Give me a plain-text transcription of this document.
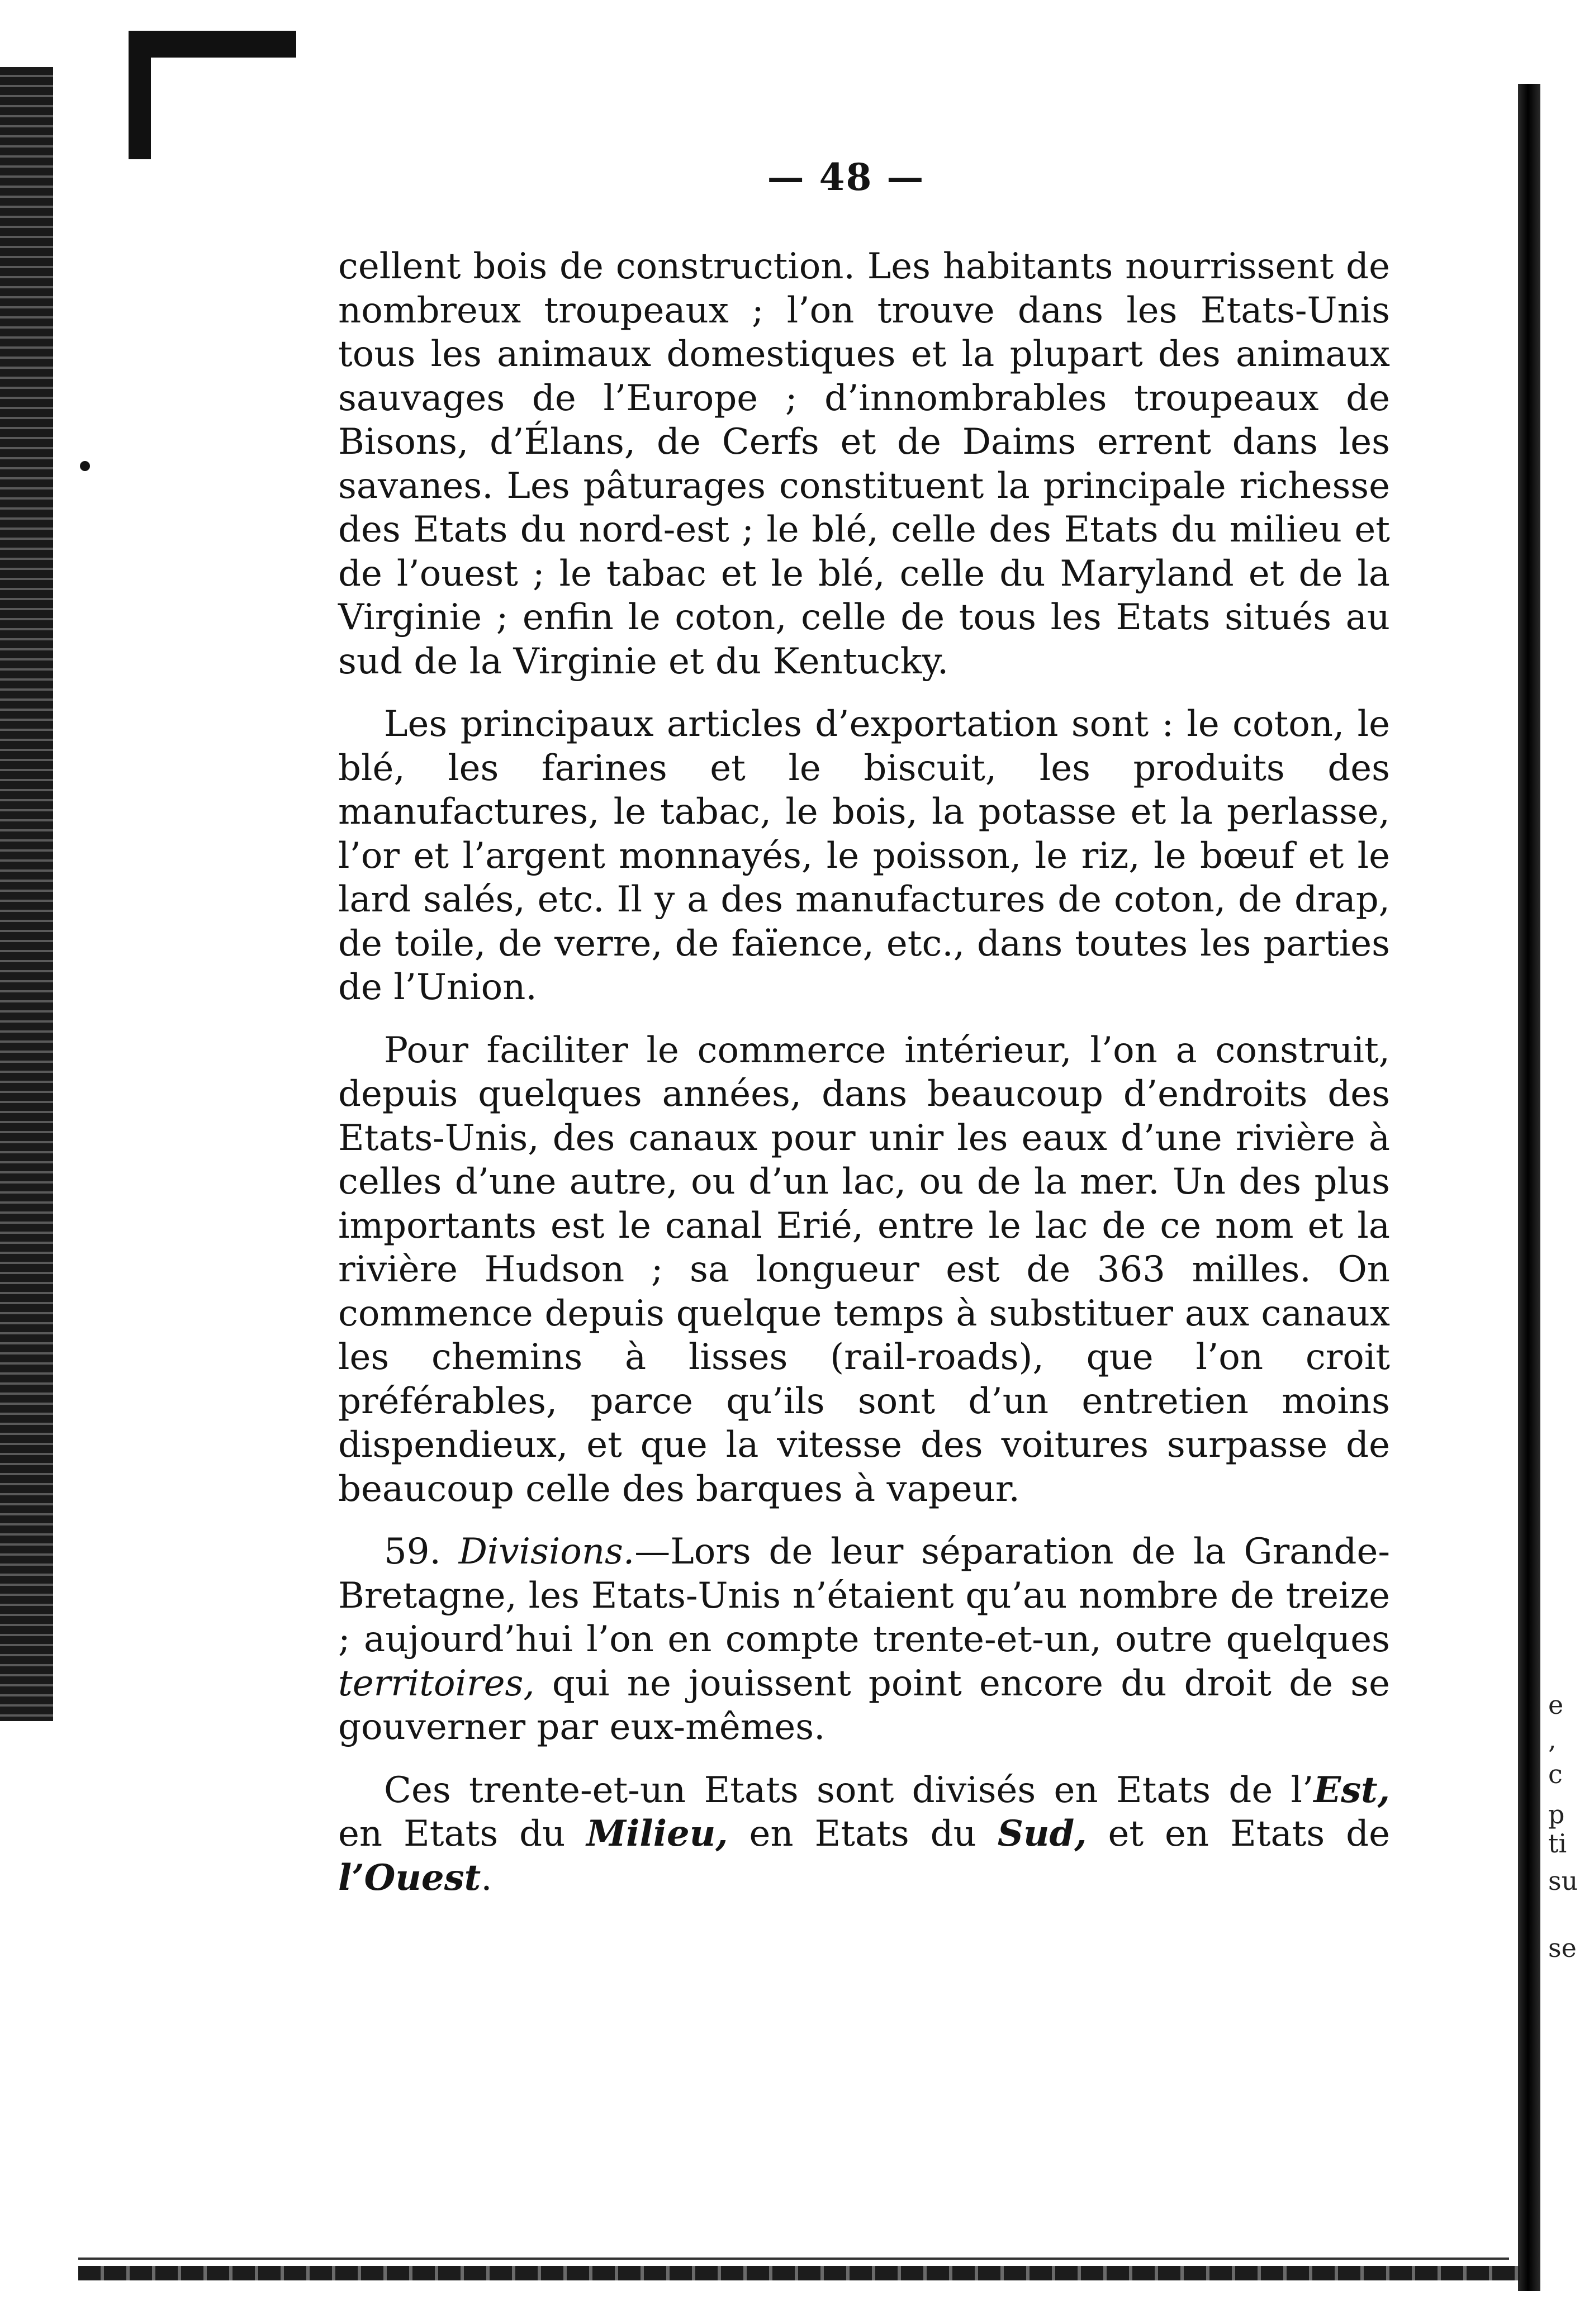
e
,
c
p
ti
su
se
— 48 —

cellent bois de construction. Les habitants nourrissent de nombreux troupeaux ; l’on trouve dans les Etats-Unis tous les animaux domestiques et la plupart des animaux sauvages de l’Europe ; d’innombrables troupeaux de Bisons, d’Élans, de Cerfs et de Daims errent dans les savanes. Les pâturages constituent la principale richesse des Etats du nord-est ; le blé, celle des Etats du milieu et de l’ouest ; le tabac et le blé, celle du Maryland et de la Virginie ; enfin le coton, celle de tous les Etats situés au sud de la Virginie et du Kentucky.

Les principaux articles d’exportation sont : le coton, le blé, les farines et le biscuit, les produits des manufactures, le tabac, le bois, la potasse et la perlasse, l’or et l’argent monnayés, le poisson, le riz, le bœuf et le lard salés, etc. Il y a des manufactures de coton, de drap, de toile, de verre, de faïence, etc., dans toutes les parties de l’Union.

Pour faciliter le commerce intérieur, l’on a construit, depuis quelques années, dans beaucoup d’endroits des Etats-Unis, des canaux pour unir les eaux d’une rivière à celles d’une autre, ou d’un lac, ou de la mer. Un des plus importants est le canal Erié, entre le lac de ce nom et la rivière Hudson ; sa longueur est de 363 milles. On commence depuis quelque temps à substituer aux canaux les chemins à lisses (rail-roads), que l’on croit préférables, parce qu’ils sont d’un entretien moins dispendieux, et que la vitesse des voitures surpasse de beaucoup celle des barques à vapeur.

59. Divisions.—Lors de leur séparation de la Grande-Bretagne, les Etats-Unis n’étaient qu’au nombre de treize ; aujourd’hui l’on en compte trente-et-un, outre quelques territoires, qui ne jouissent point encore du droit de se gouverner par eux-mêmes.

Ces trente-et-un Etats sont divisés en Etats de l’Est, en Etats du Milieu, en Etats du Sud, et en Etats de l’Ouest.
